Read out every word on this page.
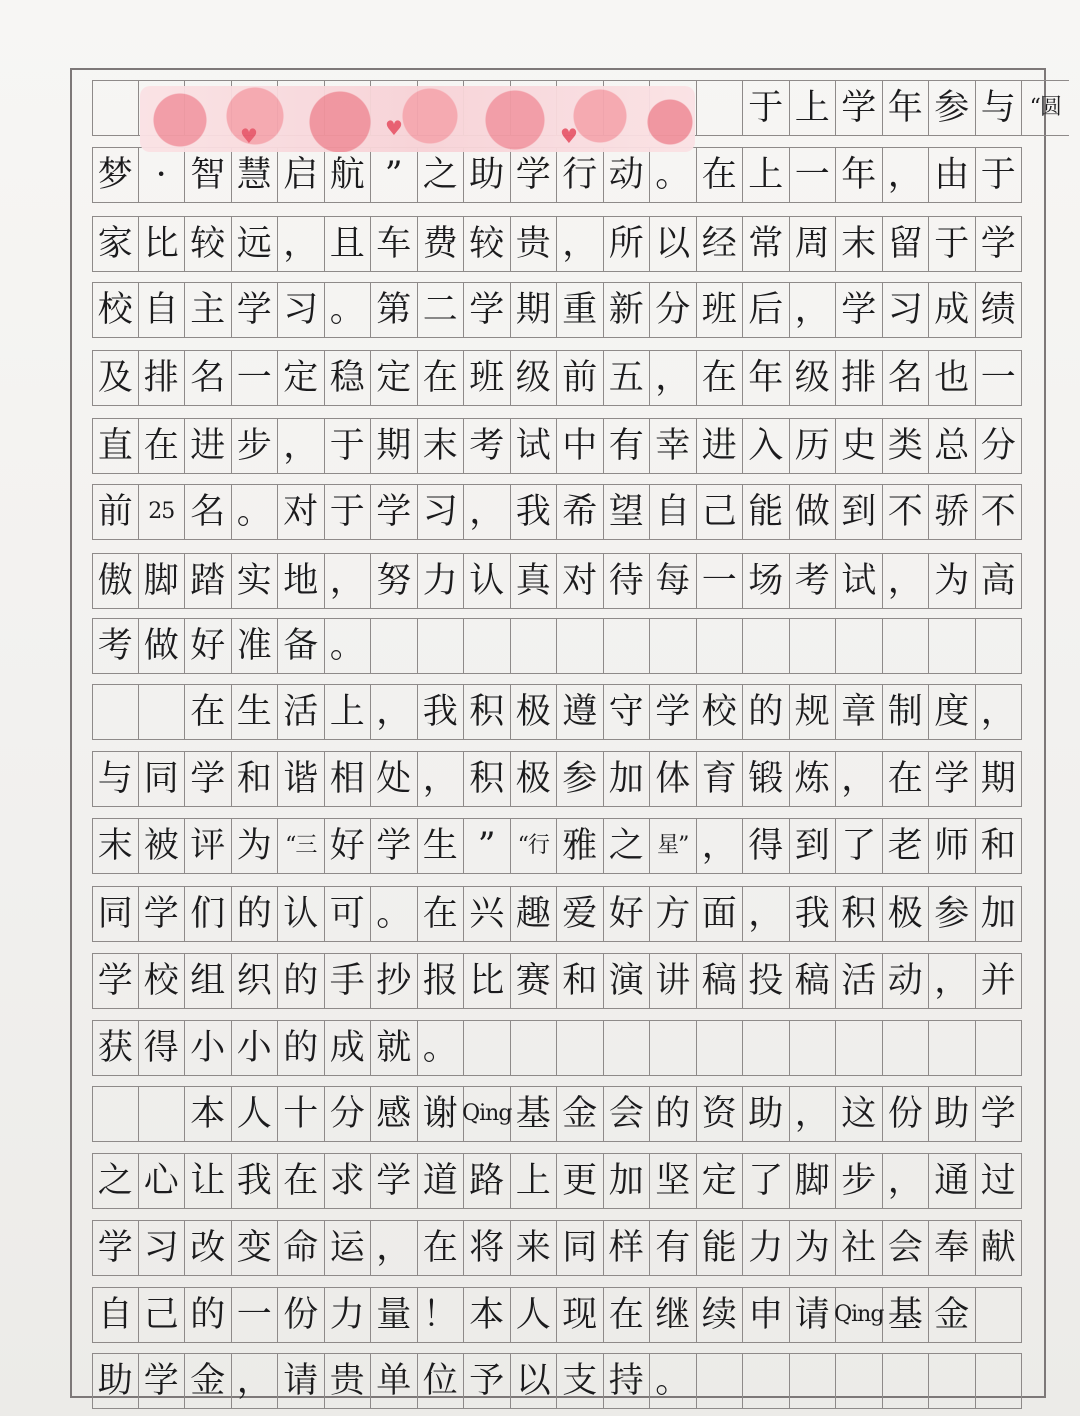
于 上 学 年 参 与 “圆
梦 · 智 慧 启 航 ” 之 助 学 行 动 。 在 上 一 年 ， 由 于
家 比 较 远 ， 且 车 费 较 贵 ， 所 以 经 常 周 末 留 于 学
校 自 主 学 习 。 第 二 学 期 重 新 分 班 后 ， 学 习 成 绩
及 排 名 一 定 稳 定 在 班 级 前 五 ， 在 年 级 排 名 也 一
直 在 进 步 ， 于 期 末 考 试 中 有 幸 进 入 历 史 类 总 分
前 25 名 。 对 于 学 习 ， 我 希 望 自 己 能 做 到 不 骄 不
傲 脚 踏 实 地 ， 努 力 认 真 对 待 每 一 场 考 试 ， 为 高
考 做 好 准 备 。
在 生 活 上 ， 我 积 极 遵 守 学 校 的 规 章 制 度 ，
与 同 学 和 谐 相 处 ， 积 极 参 加 体 育 锻 炼 ， 在 学 期
末 被 评 为 “三 好 学 生 ” “行 雅 之 星” ， 得 到 了 老 师 和
同 学 们 的 认 可 。 在 兴 趣 爱 好 方 面 ， 我 积 极 参 加
学 校 组 织 的 手 抄 报 比 赛 和 演 讲 稿 投 稿 活 动 ， 并
获 得 小 小 的 成 就 。
本 人 十 分 感 谢 Qing 基 金 会 的 资 助 ， 这 份 助 学
之 心 让 我 在 求 学 道 路 上 更 加 坚 定 了 脚 步 ， 通 过
学 习 改 变 命 运 ， 在 将 来 同 样 有 能 力 为 社 会 奉 献
自 己 的 一 份 力 量 ！ 本 人 现 在 继 续 申 请 Qing 基 金
助 学 金 ， 请 贵 单 位 予 以 支 持 。
♥	♥	♥
